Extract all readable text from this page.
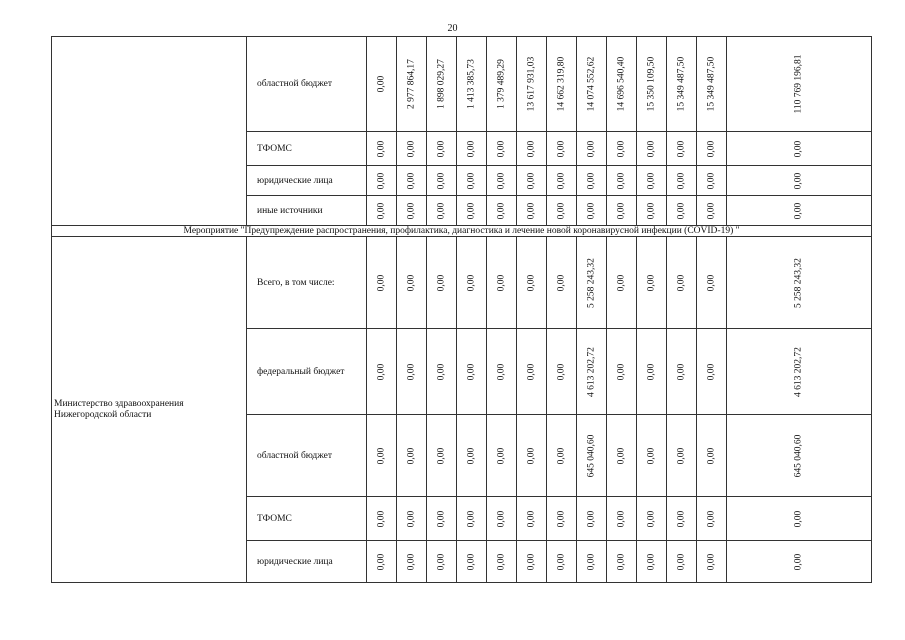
20
	областной бюджет	0,00	2 977 864,17	1 898 029,27	1 413 385,73	1 379 489,29	13 617 931,03	14 662 319,80	14 074 552,62	14 696 540,40	15 350 109,50	15 349 487,50	15 349 487,50	110 769 196,81

	ТФОМС	0,00	0,00	0,00	0,00	0,00	0,00	0,00	0,00	0,00	0,00	0,00	0,00	0,00

	юридические лица	0,00	0,00	0,00	0,00	0,00	0,00	0,00	0,00	0,00	0,00	0,00	0,00	0,00

	иные источники	0,00	0,00	0,00	0,00	0,00	0,00	0,00	0,00	0,00	0,00	0,00	0,00	0,00

Мероприятие "Предупреждение распространения, профилактика, диагностика и лечение новой коронавирусной инфекции (COVID-19) "														
Министерство здравоохранения Нижегородской области	Всего, в том числе:	0,00	0,00	0,00	0,00	0,00	0,00	0,00	5 258 243,32	0,00	0,00	0,00	0,00	5 258 243,32

	федеральный бюджет	0,00	0,00	0,00	0,00	0,00	0,00	0,00	4 613 202,72	0,00	0,00	0,00	0,00	4 613 202,72

	областной бюджет	0,00	0,00	0,00	0,00	0,00	0,00	0,00	645 040,60	0,00	0,00	0,00	0,00	645 040,60

	ТФОМС	0,00	0,00	0,00	0,00	0,00	0,00	0,00	0,00	0,00	0,00	0,00	0,00	0,00

	юридические лица	0,00	0,00	0,00	0,00	0,00	0,00	0,00	0,00	0,00	0,00	0,00	0,00	0,00
